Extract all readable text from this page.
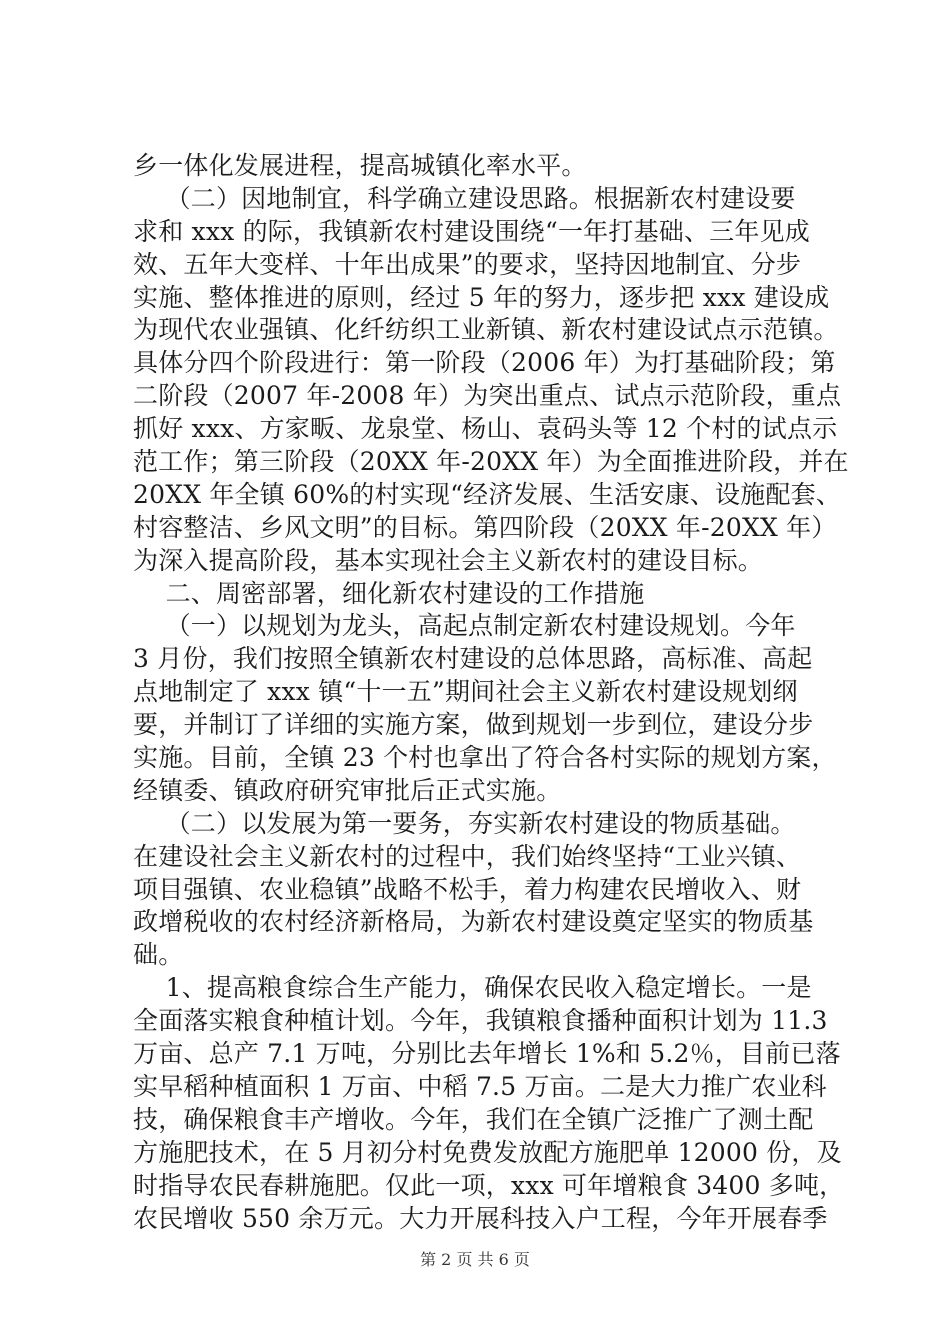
乡一体化发展进程，提高城镇化率水平。
（二）因地制宜，科学确立建设思路。根据新农村建设要
求和 xxx 的际，我镇新农村建设围绕“一年打基础、三年见成
效、五年大变样、十年出成果”的要求，坚持因地制宜、分步
实施、整体推进的原则，经过 5 年的努力，逐步把 xxx 建设成
为现代农业强镇、化纤纺织工业新镇、新农村建设试点示范镇。
具体分四个阶段进行：第一阶段（2006 年）为打基础阶段；第
二阶段（2007 年-2008 年）为突出重点、试点示范阶段，重点
抓好 xxx、方家畈、龙泉堂、杨山、袁码头等 12 个村的试点示
范工作；第三阶段（20XX 年-20XX 年）为全面推进阶段，并在
20XX 年全镇 60%的村实现“经济发展、生活安康、设施配套、
村容整洁、乡风文明”的目标。第四阶段（20XX 年-20XX 年）
为深入提高阶段，基本实现社会主义新农村的建设目标。
二、周密部署，细化新农村建设的工作措施
（一）以规划为龙头，高起点制定新农村建设规划。今年
3 月份，我们按照全镇新农村建设的总体思路，高标准、高起
点地制定了 xxx 镇“十一五”期间社会主义新农村建设规划纲
要，并制订了详细的实施方案，做到规划一步到位，建设分步
实施。目前，全镇 23 个村也拿出了符合各村实际的规划方案，
经镇委、镇政府研究审批后正式实施。
（二）以发展为第一要务，夯实新农村建设的物质基础。
在建设社会主义新农村的过程中，我们始终坚持“工业兴镇、
项目强镇、农业稳镇”战略不松手，着力构建农民增收入、财
政增税收的农村经济新格局，为新农村建设奠定坚实的物质基
础。
1、提高粮食综合生产能力，确保农民收入稳定增长。一是
全面落实粮食种植计划。今年，我镇粮食播种面积计划为 11.3
万亩、总产 7.1 万吨，分别比去年增长 1%和 5.2％，目前已落
实早稻种植面积 1 万亩、中稻 7.5 万亩。二是大力推广农业科
技，确保粮食丰产增收。今年，我们在全镇广泛推广了测土配
方施肥技术，在 5 月初分村免费发放配方施肥单 12000 份，及
时指导农民春耕施肥。仅此一项，xxx 可年增粮食 3400 多吨，
农民增收 550 余万元。大力开展科技入户工程，今年开展春季
第 2 页 共 6 页
